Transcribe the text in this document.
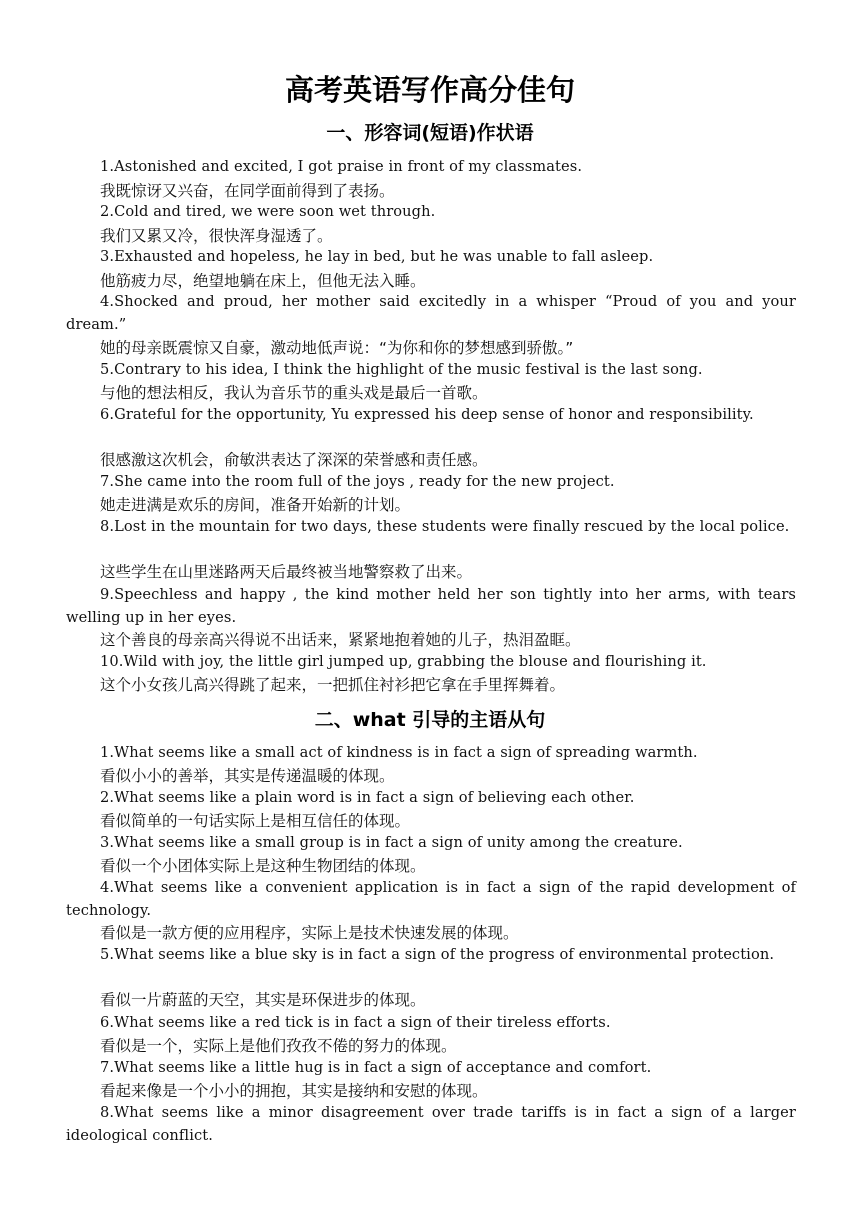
高考英语写作高分佳句
一、形容词(短语)作状语
1.Astonished and excited, I got praise in front of my classmates.
我既惊讶又兴奋，在同学面前得到了表扬。
2.Cold and tired, we were soon wet through.
我们又累又冷，很快浑身湿透了。
3.Exhausted and hopeless, he lay in bed, but he was unable to fall asleep.
他筋疲力尽，绝望地躺在床上，但他无法入睡。
4.Shocked and proud, her mother said excitedly in a whisper “Proud of you and your dream.”
她的母亲既震惊又自豪，激动地低声说：“为你和你的梦想感到骄傲。”
5.Contrary to his idea, I think the highlight of the music festival is the last song.
与他的想法相反，我认为音乐节的重头戏是最后一首歌。
6.Grateful for the opportunity, Yu expressed his deep sense of honor and responsibility.
很感激这次机会，俞敏洪表达了深深的荣誉感和责任感。
7.She came into the room full of the joys , ready for the new project.
她走进满是欢乐的房间，准备开始新的计划。
8.Lost in the mountain for two days, these students were finally rescued by the local police.
这些学生在山里迷路两天后最终被当地警察救了出来。
9.Speechless and happy , the kind mother held her son tightly into her arms, with tears welling up in her eyes.
这个善良的母亲高兴得说不出话来，紧紧地抱着她的儿子，热泪盈眶。
10.Wild with joy, the little girl jumped up, grabbing the blouse and flourishing it.
这个小女孩儿高兴得跳了起来，一把抓住衬衫把它拿在手里挥舞着。
二、what 引导的主语从句
1.What seems like a small act of kindness is in fact a sign of spreading warmth.
看似小小的善举，其实是传递温暖的体现。
2.What seems like a plain word is in fact a sign of believing each other.
看似简单的一句话实际上是相互信任的体现。
3.What seems like a small group is in fact a sign of unity among the creature.
看似一个小团体实际上是这种生物团结的体现。
4.What seems like a convenient application is in fact a sign of the rapid development of technology.
看似是一款方便的应用程序，实际上是技术快速发展的体现。
5.What seems like a blue sky is in fact a sign of the progress of environmental protection.
看似一片蔚蓝的天空，其实是环保进步的体现。
6.What seems like a red tick is in fact a sign of their tireless efforts.
看似是一个，实际上是他们孜孜不倦的努力的体现。
7.What seems like a little hug is in fact a sign of acceptance and comfort.
看起来像是一个小小的拥抱，其实是接纳和安慰的体现。
8.What seems like a minor disagreement over trade tariffs is in fact a sign of a larger ideological conflict.
